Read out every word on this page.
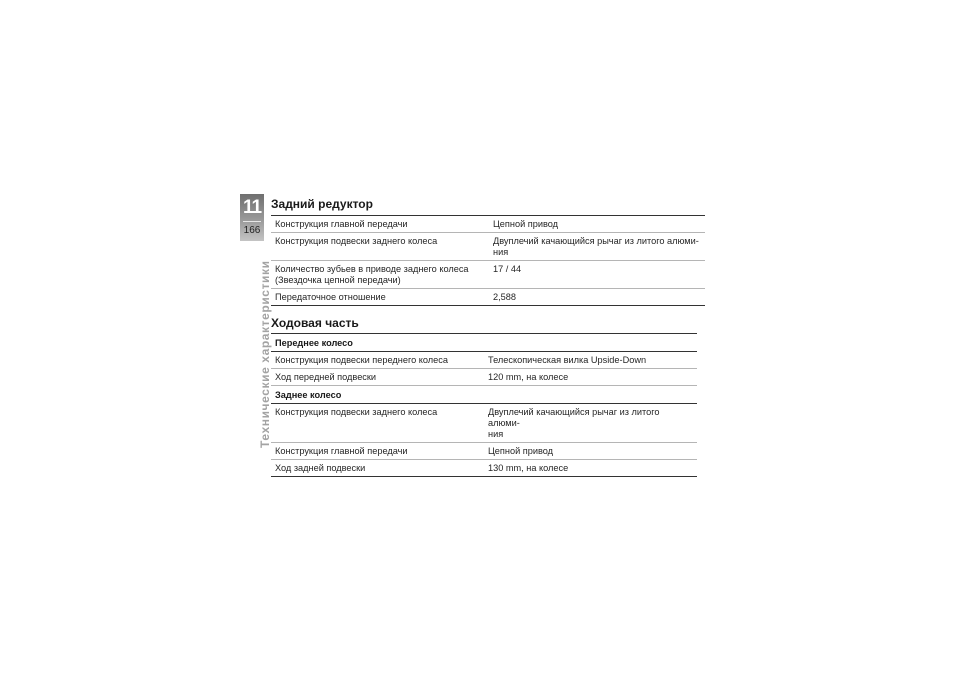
11
166
Технические характеристики
Задний редуктор
Конструкция главной передачи	Цепной привод
Конструкция подвески заднего колеса	Двуплечий качающийся рычаг из литого алюми-
ния
Количество зубьев в приводе заднего колеса
(Звездочка цепной передачи)	17 / 44
Передаточное отношение	2,588
Ходовая часть
Переднее колесо	
Конструкция подвески переднего колеса	Телескопическая вилка Upside-Down
Ход передней подвески	120 mm, на колесе
Заднее колесо	
Конструкция подвески заднего колеса	Двуплечий качающийся рычаг из литого алюми-
ния
Конструкция главной передачи	Цепной привод
Ход задней подвески	130 mm, на колесе
